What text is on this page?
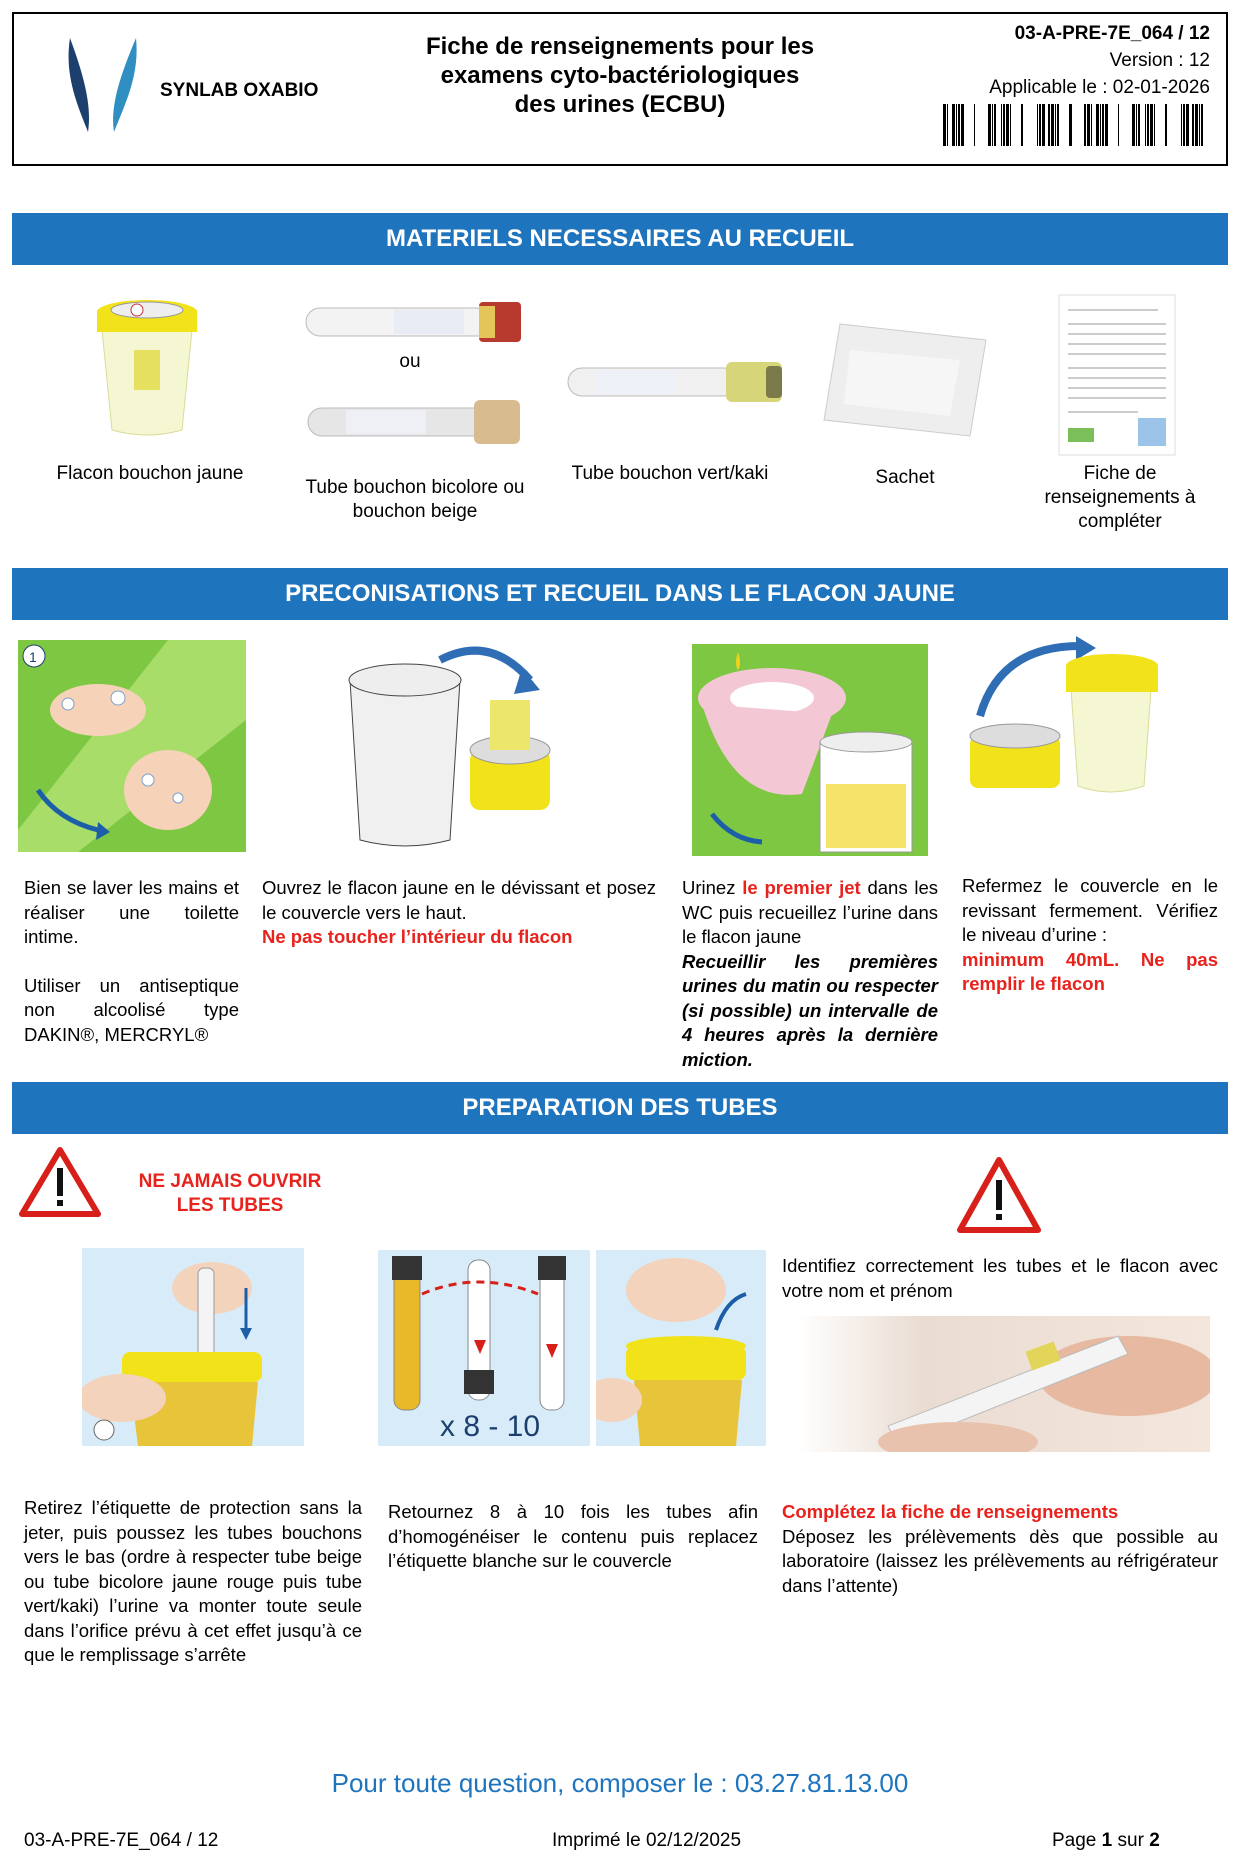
SYNLAB OXABIO
Fiche de renseignements pour les examens cyto-bactériologiques des urines (ECBU)
03-A-PRE-7E_064 / 12
Version : 12
Applicable le : 02-01-2026
MATERIELS NECESSAIRES AU RECUEIL
Flacon bouchon jaune
ou
Tube bouchon bicolore ou bouchon beige
Tube bouchon vert/kaki	Sachet	Fiche de renseignements à compléter
PRECONISATIONS ET RECUEIL DANS LE FLACON JAUNE
1
Bien se laver les mains et réaliser une toilette intime.
Utiliser un antiseptique non alcoolisé type DAKIN®, MERCRYL®
Ouvrez le flacon jaune en le dévissant et posez le couvercle vers le haut.
Ne pas toucher l’intérieur du flacon
Urinez le premier jet dans les WC puis recueillez l’urine dans le flacon jaune
Recueillir les premières urines du matin ou respecter (si possible) un intervalle de 4 heures après la dernière miction.
Refermez le couvercle en le revissant fermement. Vérifiez le niveau d’urine :
minimum 40mL. Ne pas remplir le flacon
PREPARATION DES TUBES
NE JAMAIS OUVRIR LES TUBES
x 8 - 10
Identifiez correctement les tubes et le flacon avec votre nom et prénom
Retirez l’étiquette de protection sans la jeter, puis poussez les tubes bouchons vers le bas (ordre à respecter tube beige ou tube bicolore jaune rouge puis tube vert/kaki) l’urine va monter toute seule dans l’orifice prévu à cet effet jusqu’à ce que le remplissage s’arrête
Retournez 8 à 10 fois les tubes afin d’homogénéiser le contenu puis replacez l’étiquette blanche sur le couvercle
Complétez la fiche de renseignements
Déposez les prélèvements dès que possible au laboratoire (laissez les prélèvements au réfrigérateur dans l’attente)
Pour toute question, composer le : 03.27.81.13.00
03-A-PRE-7E_064 / 12	Imprimé le 02/12/2025	Page 1 sur 2
